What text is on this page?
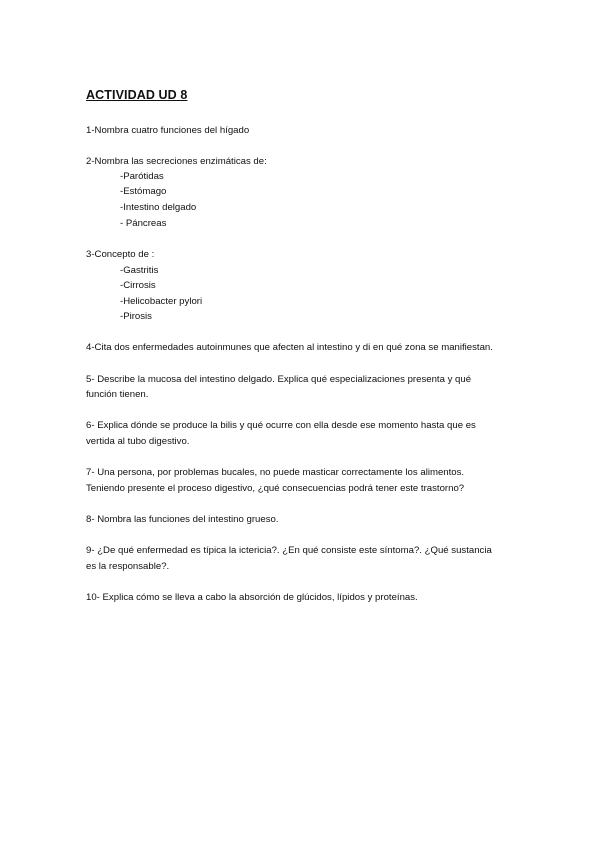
ACTIVIDAD UD 8

1-Nombra cuatro funciones del hígado

2-Nombra las secreciones enzimáticas de:

-Parótidas

-Estómago

-Intestino delgado

- Páncreas

3-Concepto de :

-Gastritis

-Cirrosis

-Helicobacter pylori

-Pirosis

4-Cita dos enfermedades autoinmunes que afecten al intestino y di en qué zona se manifiestan.

5- Describe la mucosa del intestino delgado. Explica qué especializaciones presenta y qué

función tienen.

6- Explica dónde se produce la bilis y qué ocurre con ella desde ese momento hasta que es

vertida al tubo digestivo.

7- Una persona, por problemas bucales, no puede masticar correctamente los alimentos.

Teniendo presente el proceso digestivo, ¿qué consecuencias podrá tener este trastorno?

8- Nombra las funciones del intestino grueso.

9- ¿De qué enfermedad es típica la ictericia?. ¿En qué consiste este síntoma?. ¿Qué sustancia

es la responsable?.

10- Explica cómo se lleva a cabo la absorción de glúcidos, lípidos y proteínas.
